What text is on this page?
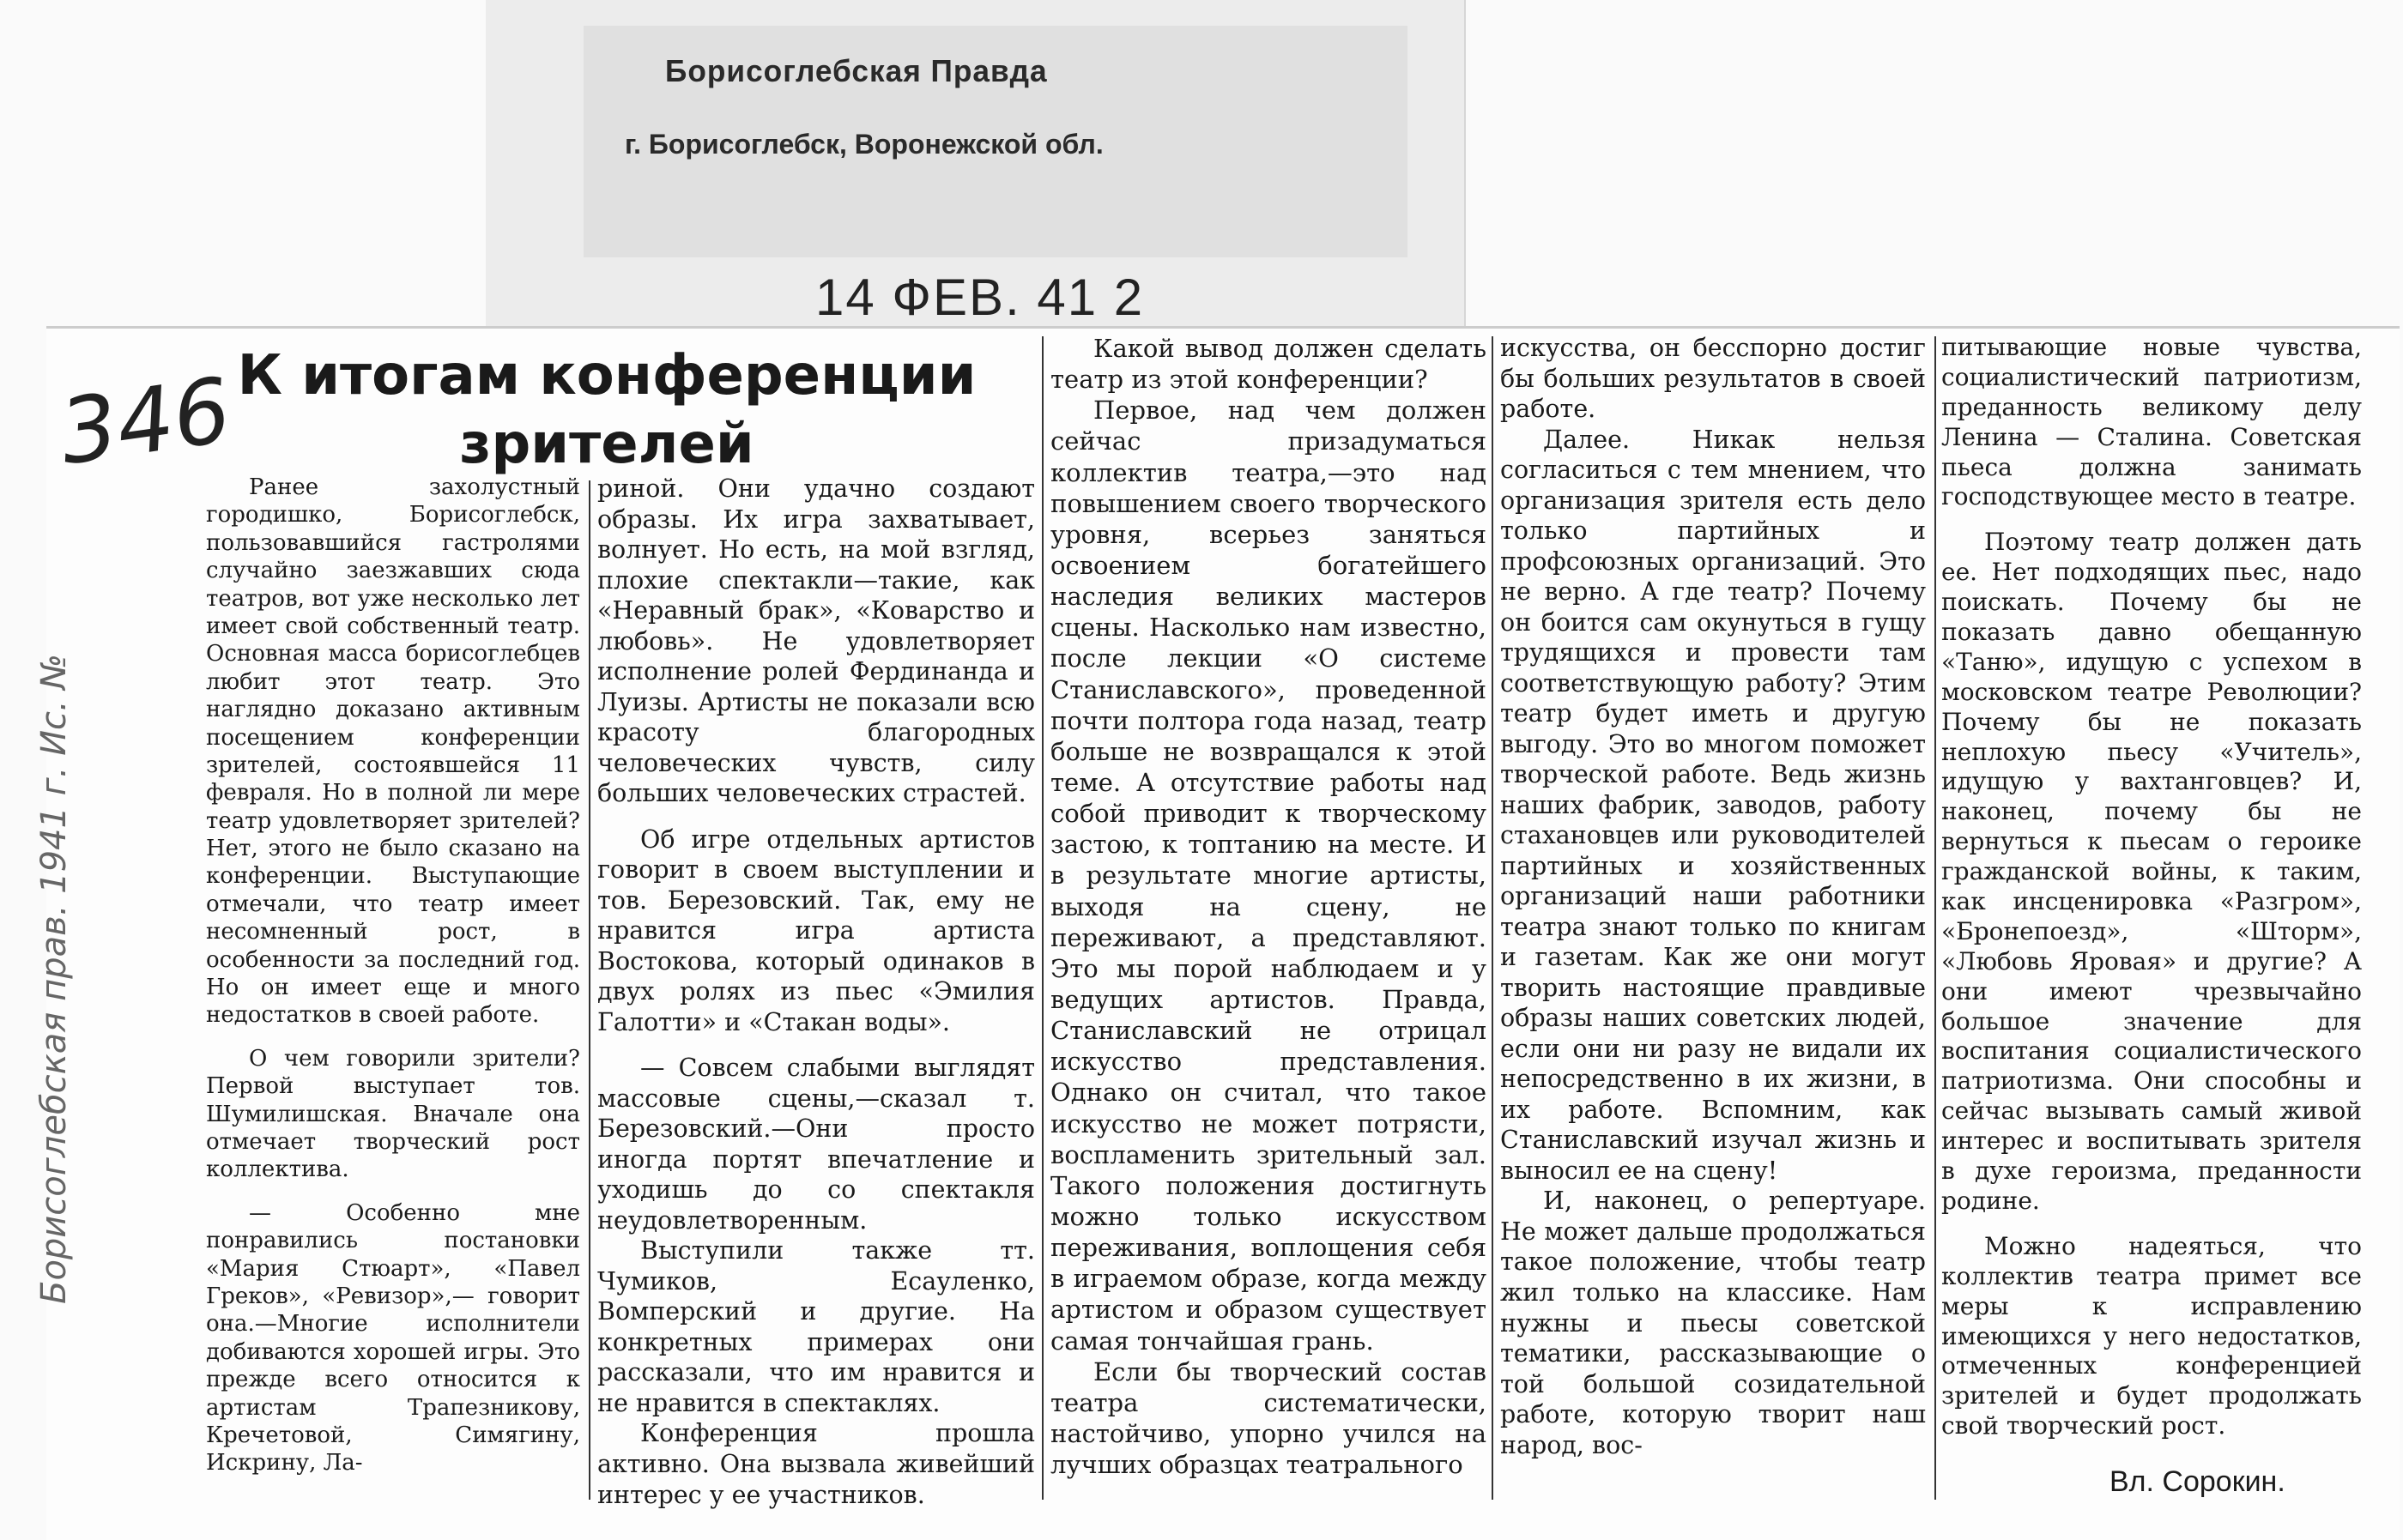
Борисоглебская Правда
г. Борисоглебск, Воронежской обл.
14 ФЕВ. 41 2
346
Борисоглебская прав. 1941 г. Ис. №
К итогам конференции зрителей

Ранее захолустный городишко, Борисоглебск, пользовавшийся гастролями случайно заезжавших сюда театров, вот уже несколько лет имеет свой собственный театр. Основная масса борисоглебцев любит этот театр. Это наглядно доказано активным посещением конференции зрителей, состоявшейся 11 февраля. Но в полной ли мере театр удовлетворяет зрителей? Нет, этого не было сказано на конференции. Выступающие отмечали, что театр имеет несомненный рост, в особенности за последний год. Но он имеет еще и много недостатков в своей работе.

О чем говорили зрители? Первой выступает тов. Шумилишская. Вначале она отмечает творческий рост коллектива.

— Особенно мне понравились постановки «Мария Стюарт», «Павел Греков», «Ревизор»,— говорит она.—Многие исполнители добиваются хорошей игры. Это прежде всего относится к артистам Трапезникову, Кречетовой, Симягину, Искрину, Ла-

риной. Они удачно создают образы. Их игра захватывает, волнует. Но есть, на мой взгляд, плохие спектакли—такие, как «Неравный брак», «Коварство и любовь». Не удовлетворяет исполнение ролей Фердинанда и Луизы. Артисты не показали всю красоту благородных человеческих чувств, силу больших человеческих страстей.

Об игре отдельных артистов говорит в своем выступлении и тов. Березовский. Так, ему не нравится игра артиста Востокова, который одинаков в двух ролях из пьес «Эмилия Галотти» и «Стакан воды».

— Совсем слабыми выглядят массовые сцены,—сказал т. Березовский.—Они просто иногда портят впечатление и уходишь до со спектакля неудовлетворенным.

Выступили также тт. Чумиков, Есауленко, Вомперский и другие. На конкретных примерах они рассказали, что им нравится и не нравится в спектаклях.

Конференция прошла активно. Она вызвала живейший интерес у ее участников.

Какой вывод должен сделать театр из этой конференции?

Первое, над чем должен сейчас призадуматься коллектив театра,—это над повышением своего творческого уровня, всерьез заняться освоением богатейшего наследия великих мастеров сцены. Насколько нам известно, после лекции «О системе Станиславского», проведенной почти полтора года назад, театр больше не возвращался к этой теме. А отсутствие работы над собой приводит к творческому застою, к топтанию на месте. И в результате многие артисты, выходя на сцену, не переживают, а представляют. Это мы порой наблюдаем и у ведущих артистов. Правда, Станиславский не отрицал искусство представления. Однако он считал, что такое искусство не может потрясти, воспламенить зрительный зал. Такого положения достигнуть можно только искусством переживания, воплощения себя в играемом образе, когда между артистом и образом существует самая тончайшая грань.

Если бы творческий состав театра систематически, настойчиво, упорно учился на лучших образцах театрального

искусства, он бесспорно достиг бы больших результатов в своей работе.

Далее. Никак нельзя согласиться с тем мнением, что организация зрителя есть дело только партийных и профсоюзных организаций. Это не верно. А где театр? Почему он боится сам окунуться в гущу трудящихся и провести там соответствующую работу? Этим театр будет иметь и другую выгоду. Это во многом поможет творческой работе. Ведь жизнь наших фабрик, заводов, работу стахановцев или руководителей партийных и хозяйственных организаций наши работники театра знают только по книгам и газетам. Как же они могут творить настоящие правдивые образы наших советских людей, если они ни разу не видали их непосредственно в их жизни, в их работе. Вспомним, как Станиславский изучал жизнь и выносил ее на сцену!

И, наконец, о репертуаре. Не может дальше продолжаться такое положение, чтобы театр жил только на классике. Нам нужны и пьесы советской тематики, рассказывающие о той большой созидательной работе, которую творит наш народ, вос-

питывающие новые чувства, социалистический патриотизм, преданность великому делу Ленина — Сталина. Советская пьеса должна занимать господствующее место в театре.

Поэтому театр должен дать ее. Нет подходящих пьес, надо поискать. Почему бы не показать давно обещанную «Таню», идущую с успехом в московском театре Революции? Почему бы не показать неплохую пьесу «Учитель», идущую у вахтанговцев? И, наконец, почему бы не вернуться к пьесам о героике гражданской войны, к таким, как инсценировка «Разгром», «Бронепоезд», «Шторм», «Любовь Яровая» и другие? А они имеют чрезвычайно большое значение для воспитания социалистического патриотизма. Они способны и сейчас вызывать самый живой интерес и воспитывать зрителя в духе героизма, преданности родине.

Можно надеяться, что коллектив театра примет все меры к исправлению имеющихся у него недостатков, отмеченных конференцией зрителей и будет продолжать свой творческий рост.

Вл. Сорокин.
